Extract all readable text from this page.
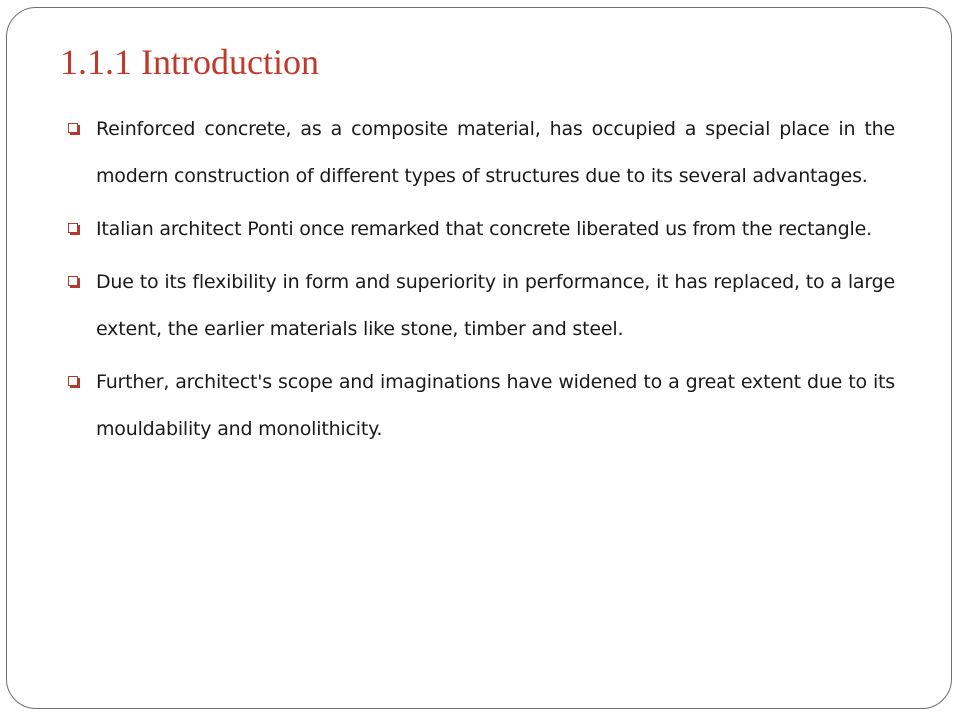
1.1.1 Introduction
Reinforced concrete, as a composite material, has occupied a special place in the modern construction of different types of structures due to its several advantages.
Italian architect Ponti once remarked that concrete liberated us from the rectangle.
Due to its flexibility in form and superiority in performance, it has replaced, to a large extent, the earlier materials like stone, timber and steel.
Further, architect's scope and imaginations have widened to a great extent due to its mouldability and monolithicity.
